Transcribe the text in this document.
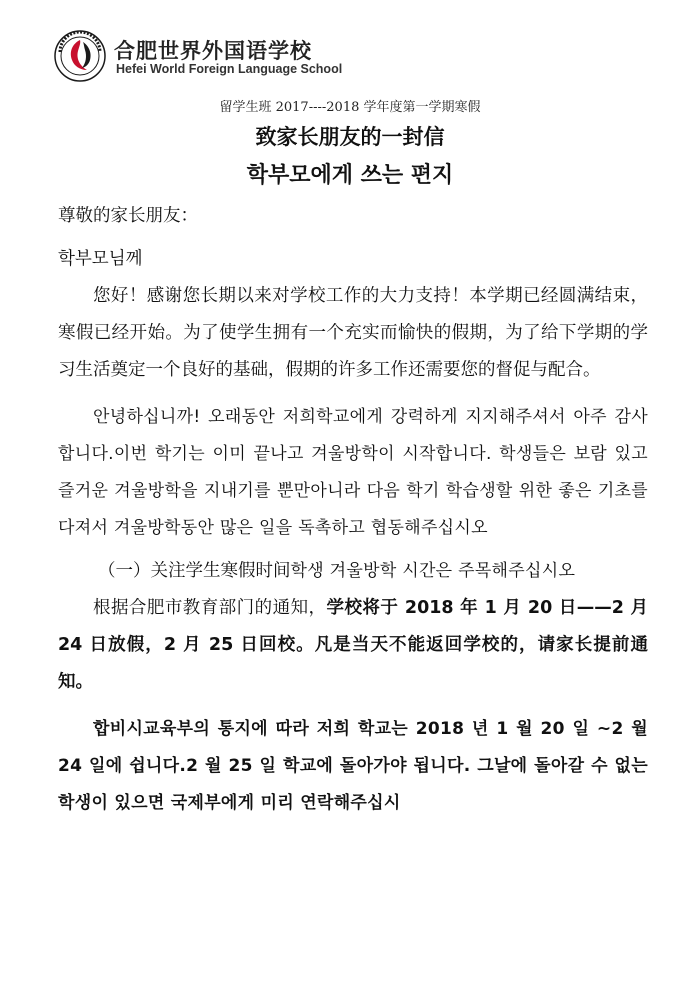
合肥世界外国语学校
Hefei World Foreign Language School
留学生班 2017----2018 学年度第一学期寒假
致家长朋友的一封信
학부모에게 쓰는 편지

尊敬的家长朋友：

학부모님께

您好！感谢您长期以来对学校工作的大力支持！本学期已经圆满结束，寒假已经开始。为了使学生拥有一个充实而愉快的假期，为了给下学期的学习生活奠定一个良好的基础，假期的许多工作还需要您的督促与配合。

안녕하십니까! 오래동안 저희학교에게 강력하게 지지해주셔서 아주 감사합니다.이번 학기는 이미 끝나고 겨울방학이 시작합니다. 학생들은 보람 있고 즐거운 겨울방학을 지내기를 뿐만아니라 다음 학기 학습생할 위한 좋은 기초를 다져서 겨울방학동안 많은 일을 독촉하고 협동해주십시오

（一）关注学生寒假时间학생 겨울방학 시간은 주목해주십시오

根据合肥市教育部门的通知，学校将于 2018 年 1 月 20 日——2 月 24 日放假，2 月 25 日回校。凡是当天不能返回学校的，请家长提前通知。

합비시교육부의 통지에 따라 저희 학교는 2018 년 1 월 20 일 ~2 월 24 일에 쉽니다.2 월 25 일 학교에 돌아가야 됩니다. 그날에 돌아갈 수 없는 학생이 있으면 국제부에게 미리 연락해주십시
